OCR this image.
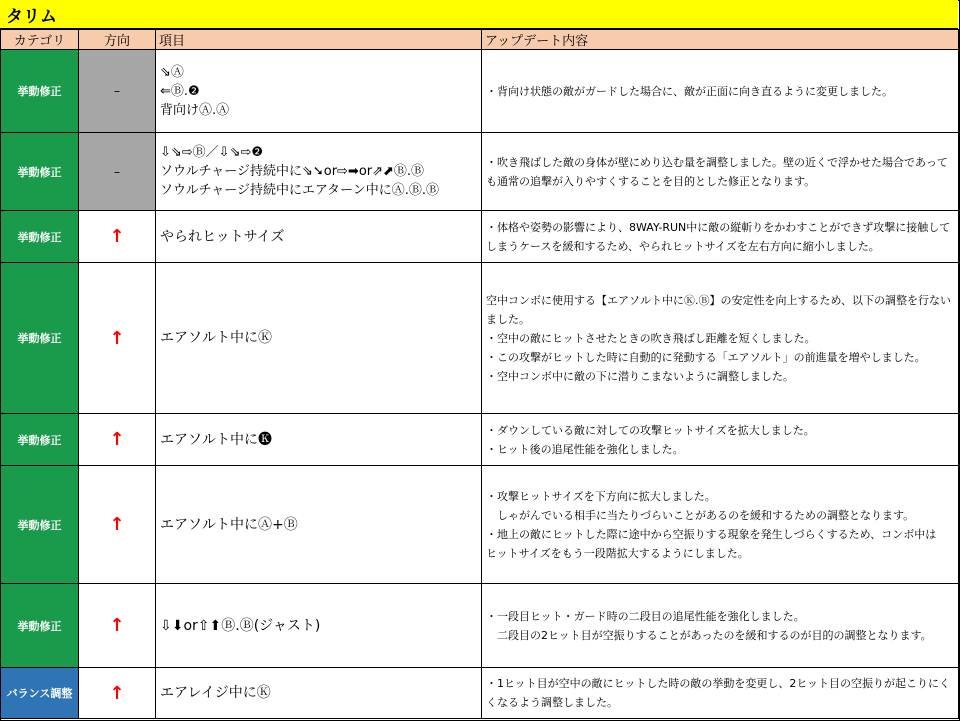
タリム
カテゴリ	方向	項目	アップデート内容
挙動修正	–	⇘Ⓐ
⇐Ⓑ.❷
背向けⒶ.Ⓐ	・背向け状態の敵がガードした場合に、敵が正面に向き直るように変更しました。

挙動修正	–	⇩⇘⇨Ⓑ／⇩⇘⇨❷
ソウルチャージ持続中に⇘➘or⇨➡or⇗⬈Ⓑ.Ⓑ
ソウルチャージ持続中にエアターン中にⒶ.Ⓑ.Ⓑ	・吹き飛ばした敵の身体が壁にめり込む量を調整しました。壁の近くで浮かせた場合であって
も通常の追撃が入りやすくすることを目的とした修正となります。

挙動修正	↑	やられヒットサイズ	・体格や姿勢の影響により、8WAY-RUN中に敵の縦斬りをかわすことができず攻撃に接触して
しまうケースを緩和するため、やられヒットサイズを左右方向に縮小しました。

挙動修正	↑	エアソルト中にⓀ	空中コンボに使用する【エアソルト中にⓀ.Ⓑ】の安定性を向上するため、以下の調整を行ない
ました。
・空中の敵にヒットさせたときの吹き飛ばし距離を短くしました。
・この攻撃がヒットした時に自動的に発動する「エアソルト」の前進量を増やしました。
・空中コンボ中に敵の下に潜りこまないように調整しました。

挙動修正	↑	エアソルト中に🅚	・ダウンしている敵に対しての攻撃ヒットサイズを拡大しました。
・ヒット後の追尾性能を強化しました。

挙動修正	↑	エアソルト中にⒶ+Ⓑ	・攻撃ヒットサイズを下方向に拡大しました。
　しゃがんでいる相手に当たりづらいことがあるのを緩和するための調整となります。
・地上の敵にヒットした際に途中から空振りする現象を発生しづらくするため、コンボ中は
ヒットサイズをもう一段階拡大するようにしました。

挙動修正	↑	⇩⬇or⇧⬆Ⓑ.Ⓑ(ジャスト)	・一段目ヒット・ガード時の二段目の追尾性能を強化しました。
　二段目の2ヒット目が空振りすることがあったのを緩和するのが目的の調整となります。

バランス調整	↑	エアレイジ中にⓀ	・1ヒット目が空中の敵にヒットした時の敵の挙動を変更し、2ヒット目の空振りが起こりにく
くなるよう調整しました。
